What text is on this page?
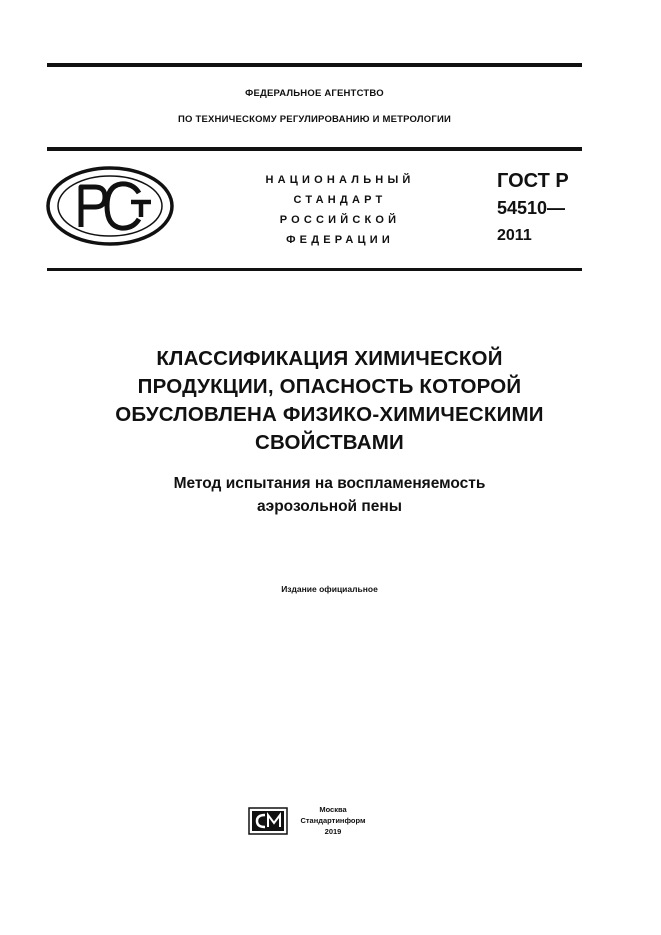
ФЕДЕРАЛЬНОЕ АГЕНТСТВО
ПО ТЕХНИЧЕСКОМУ РЕГУЛИРОВАНИЮ И МЕТРОЛОГИИ
НАЦИОНАЛЬНЫЙ
СТАНДАРТ
РОССИЙСКОЙ
ФЕДЕРАЦИИ
ГОСТ Р
54510—
2011
КЛАССИФИКАЦИЯ ХИМИЧЕСКОЙ
ПРОДУКЦИИ, ОПАСНОСТЬ КОТОРОЙ
ОБУСЛОВЛЕНА ФИЗИКО-ХИМИЧЕСКИМИ
СВОЙСТВАМИ
Метод испытания на воспламеняемость
аэрозольной пены
Издание официальное
Москва
Стандартинформ
2019
